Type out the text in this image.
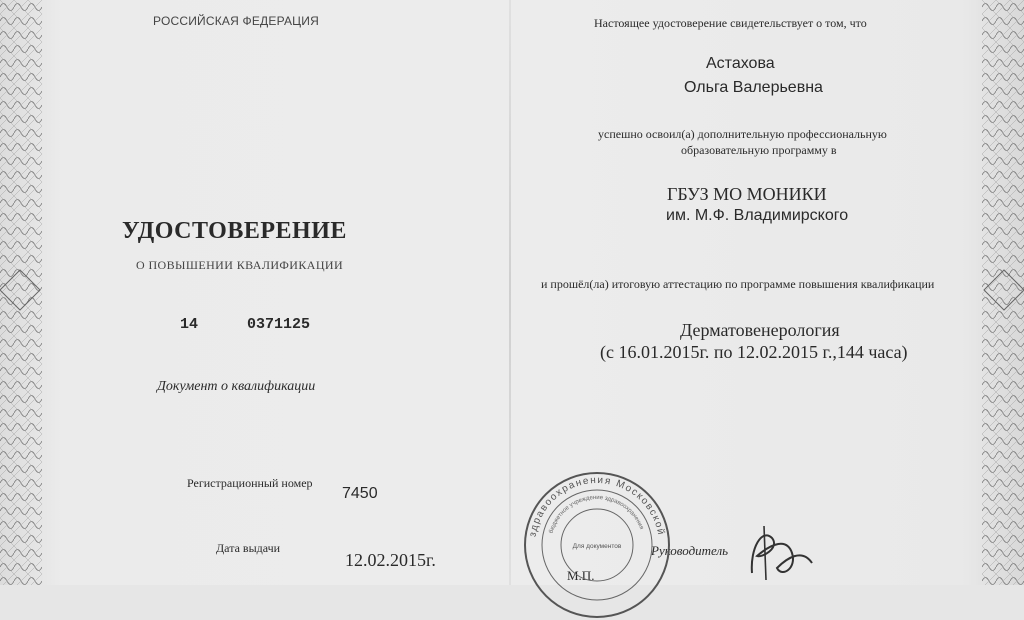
РОССИЙСКАЯ ФЕДЕРАЦИЯ
УДОСТОВЕРЕНИЕ
О ПОВЫШЕНИИ КВАЛИФИКАЦИИ
14	0371125
Документ о квалификации
Регистрационный номер
7450
Дата выдачи
12.02.2015г.
Настоящее удостоверение свидетельствует о том, что
Астахова
Ольга Валерьевна
успешно освоил(а) дополнительную профессиональную
образовательную программу в
ГБУЗ МО МОНИКИ
им. М.Ф. Владимирского
и прошёл(ла) итоговую аттестацию по программе повышения квалификации
Дерматовенерология
(с 16.01.2015г. по 12.02.2015 г.,144 часа)
Руководитель
М.П.
здравоохранения Московской
бюджетное учреждение здравоохранения
Для документов
